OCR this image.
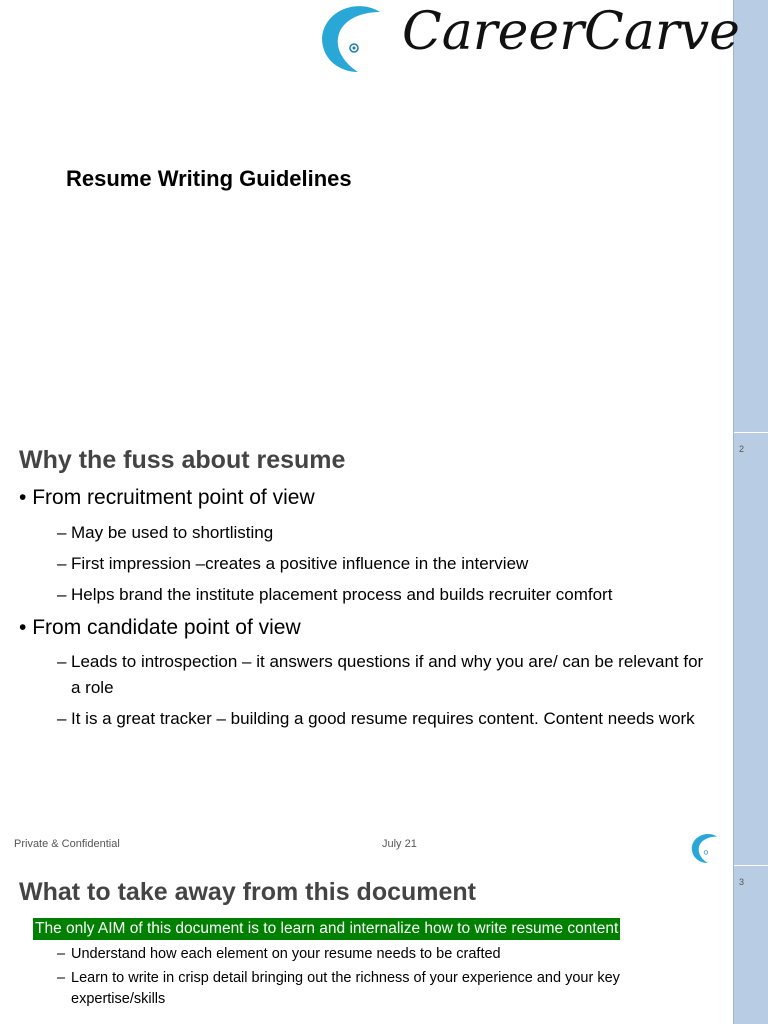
2
3
CareerCarve
Resume Writing Guidelines
Why the fuss about resume
• From recruitment point of view
– May be used to shortlisting
– First impression –creates a positive influence in the interview
– Helps brand the institute placement process and builds recruiter comfort
• From candidate point of view
– Leads to introspection – it answers questions if and why you are/ can be relevant for a role
– It is a great tracker – building a good resume requires content. Content needs work
Private & Confidential	July 21
What to take away from this document
The only AIM of this document is to learn and internalize how to write resume content
– Understand how each element on your resume needs to be crafted
– Learn to write in crisp detail bringing out the richness of your experience and your key expertise/skills
